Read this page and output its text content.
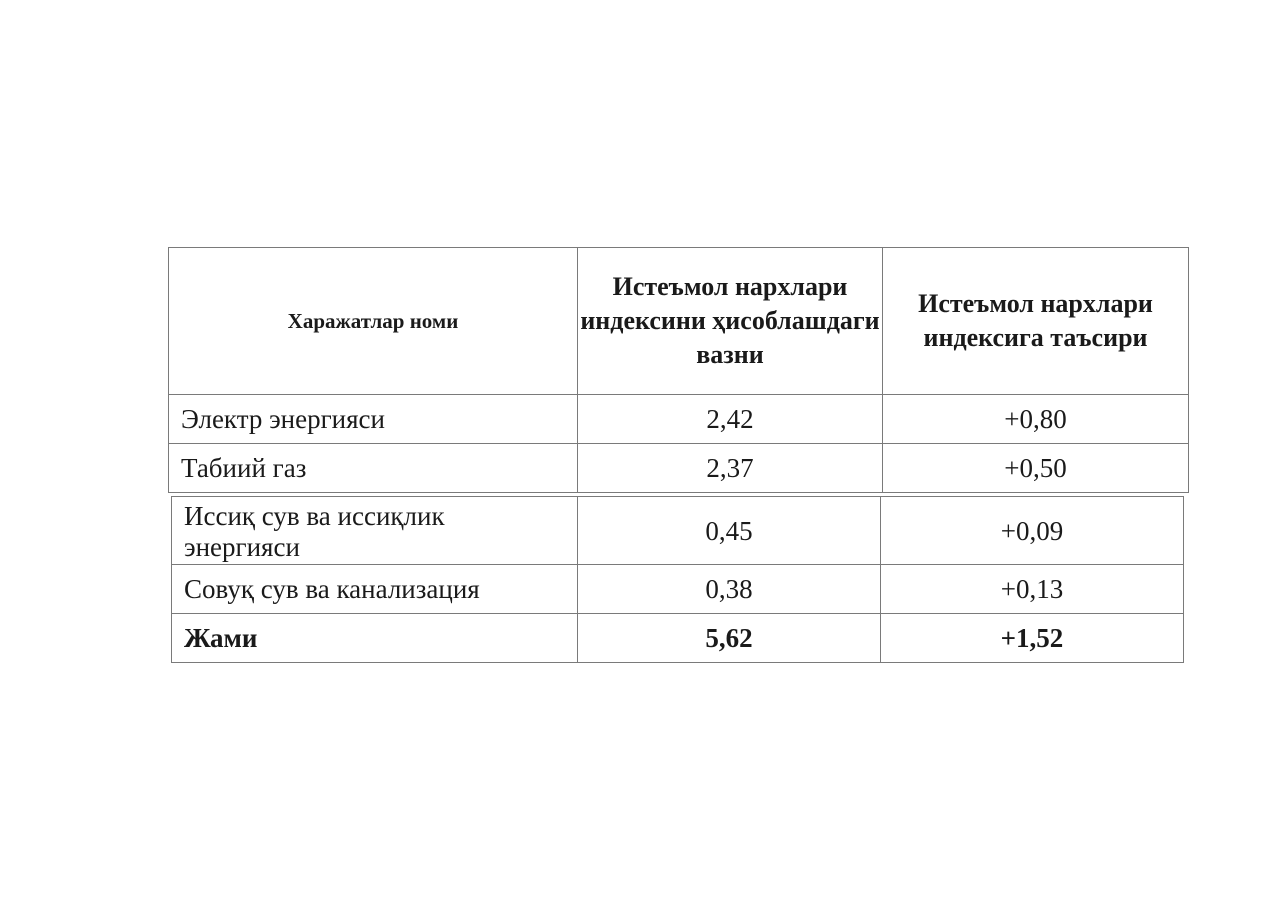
Харажатлар номи	Истеъмол нархлари индексини ҳисоблашдаги вазни	Истеъмол нархлари индексига таъсири
Электр энергияси	2,42	+0,80
Табиий газ	2,37	+0,50
Иссиқ сув ва иссиқлик энергияси	0,45	+0,09
Совуқ сув ва канализация	0,38	+0,13
Жами	5,62	+1,52
